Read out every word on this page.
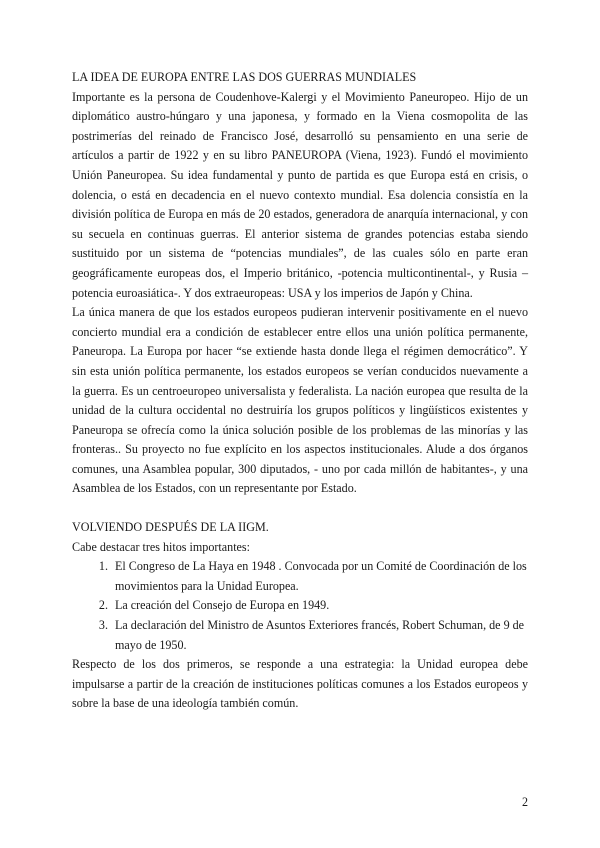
LA IDEA DE EUROPA ENTRE LAS DOS GUERRAS MUNDIALES

Importante es la persona de Coudenhove-Kalergi y el Movimiento Paneuropeo. Hijo de un diplomático austro-húngaro y una japonesa, y formado en la Viena cosmopolita de las postrimerías del reinado de Francisco José, desarrolló su pensamiento en una serie de artículos a partir de 1922 y en su libro PANEUROPA (Viena, 1923). Fundó el movimiento Unión Paneuropea. Su idea fundamental y punto de partida es que Europa está en crisis, o dolencia, o está en decadencia en el nuevo contexto mundial. Esa dolencia consistía en la división política de Europa en más de 20 estados, generadora de anarquía internacional, y con su secuela en continuas guerras. El anterior sistema de grandes potencias estaba siendo sustituido por un sistema de “potencias mundiales”, de las cuales sólo en parte eran geográficamente europeas dos, el Imperio británico, -potencia multicontinental-, y Rusia –potencia euroasiática-. Y dos extraeuropeas: USA y los imperios de Japón y China.

La única manera de que los estados europeos pudieran intervenir positivamente en el nuevo concierto mundial era a condición de establecer entre ellos una unión política permanente, Paneuropa. La Europa por hacer “se extiende hasta donde llega el régimen democrático”. Y sin esta unión política permanente, los estados europeos se verían conducidos nuevamente a la guerra. Es un centroeuropeo universalista y federalista. La nación europea que resulta de la unidad de la cultura occidental no destruiría los grupos políticos y lingüísticos existentes y Paneuropa se ofrecía como la única solución posible de los problemas de las minorías y las fronteras.. Su proyecto no fue explícito en los aspectos institucionales. Alude a dos órganos comunes, una Asamblea popular, 300 diputados, - uno por cada millón de habitantes-, y una Asamblea de los Estados, con un representante por Estado.

VOLVIENDO DESPUÉS DE LA IIGM.

Cabe destacar tres hitos importantes:

1. El Congreso de La Haya en 1948 . Convocada por un Comité de Coordinación de los movimientos para la Unidad Europea.
2. La creación del Consejo de Europa en 1949.
3. La declaración del Ministro de Asuntos Exteriores francés, Robert Schuman, de 9 de mayo de 1950.

Respecto de los dos primeros, se responde a una estrategia: la Unidad europea debe impulsarse a partir de la creación de instituciones políticas comunes a los Estados europeos y sobre la base de una ideología también común.

2
